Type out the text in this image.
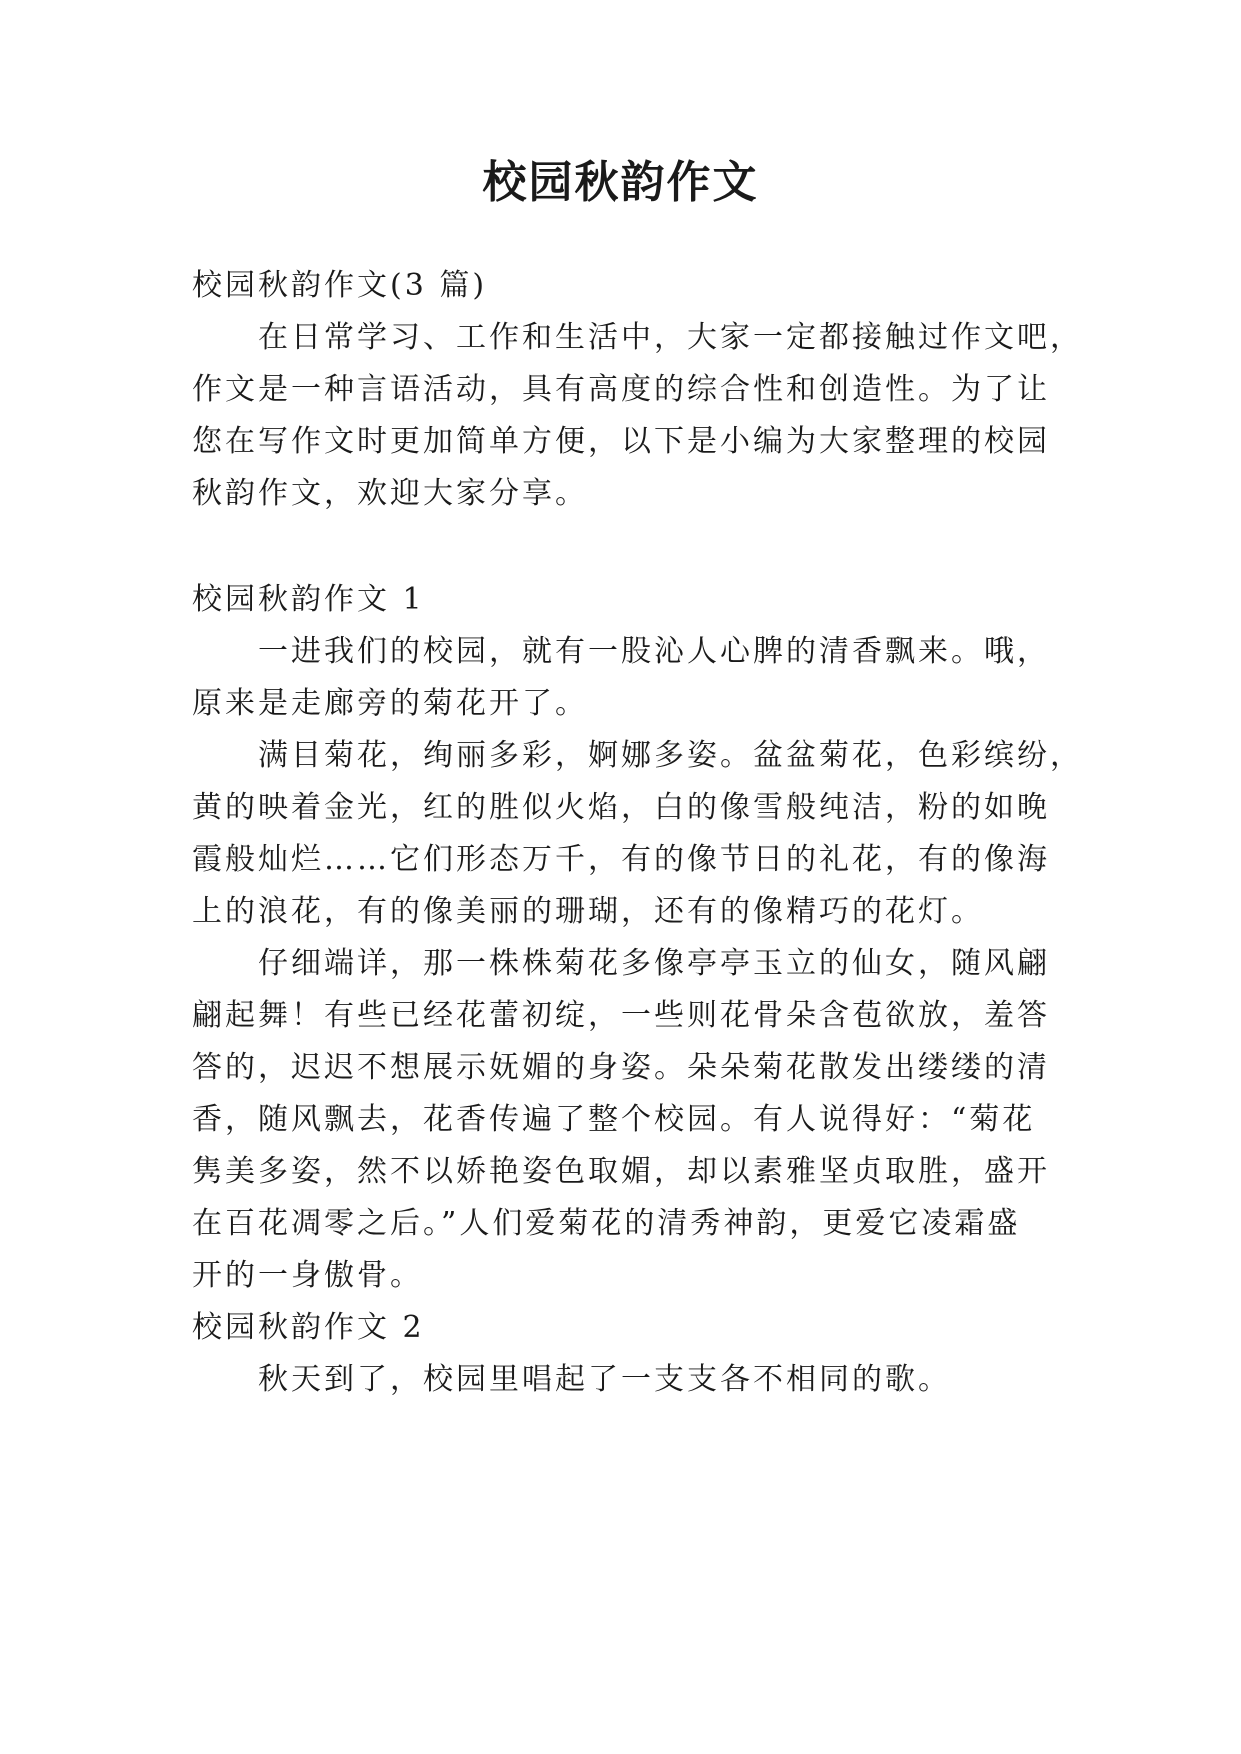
校园秋韵作文

校园秋韵作文(3 篇)

在日常学习、工作和生活中，大家一定都接触过作文吧，

作文是一种言语活动，具有高度的综合性和创造性。为了让

您在写作文时更加简单方便，以下是小编为大家整理的校园

秋韵作文，欢迎大家分享。

校园秋韵作文 1

一进我们的校园，就有一股沁人心脾的清香飘来。哦，

原来是走廊旁的菊花开了。

满目菊花，绚丽多彩，婀娜多姿。盆盆菊花，色彩缤纷，

黄的映着金光，红的胜似火焰，白的像雪般纯洁，粉的如晚

霞般灿烂……它们形态万千，有的像节日的礼花，有的像海

上的浪花，有的像美丽的珊瑚，还有的像精巧的花灯。

仔细端详，那一株株菊花多像亭亭玉立的仙女，随风翩

翩起舞！有些已经花蕾初绽，一些则花骨朵含苞欲放，羞答

答的，迟迟不想展示妩媚的身姿。朵朵菊花散发出缕缕的清

香，随风飘去，花香传遍了整个校园。有人说得好：“菊花

隽美多姿，然不以娇艳姿色取媚，却以素雅坚贞取胜，盛开

在百花凋零之后。”人们爱菊花的清秀神韵，更爱它凌霜盛

开的一身傲骨。

校园秋韵作文 2

秋天到了，校园里唱起了一支支各不相同的歌。
